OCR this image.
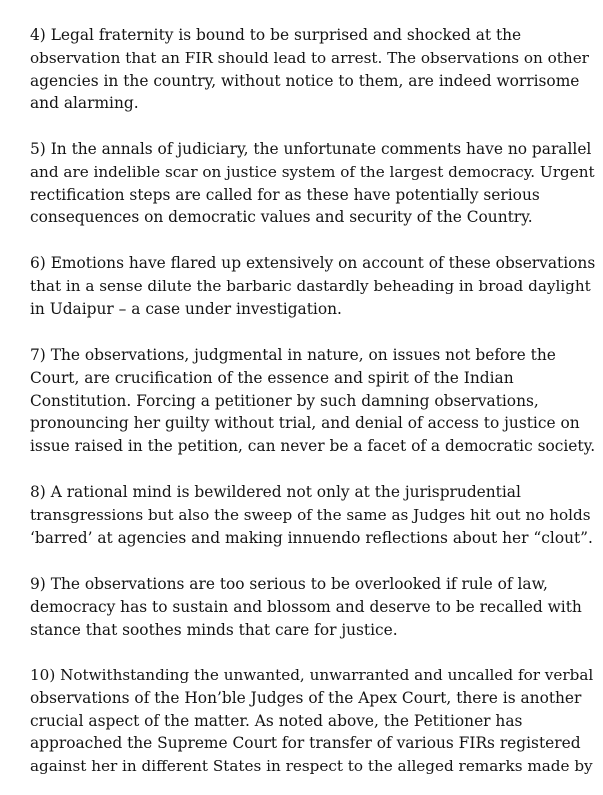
4) Legal fraternity is bound to be surprised and shocked at the
observation that an FIR should lead to arrest. The observations on other
agencies in the country, without notice to them, are indeed worrisome
and alarming.
5) In the annals of judiciary, the unfortunate comments have no parallel
and are indelible scar on justice system of the largest democracy. Urgent
rectification steps are called for as these have potentially serious
consequences on democratic values and security of the Country.
6) Emotions have flared up extensively on account of these observations
that in a sense dilute the barbaric dastardly beheading in broad daylight
in Udaipur – a case under investigation.
7) The observations, judgmental in nature, on issues not before the
Court, are crucification of the essence and spirit of the Indian
Constitution. Forcing a petitioner by such damning observations,
pronouncing her guilty without trial, and denial of access to justice on
issue raised in the petition, can never be a facet of a democratic society.
8) A rational mind is bewildered not only at the jurisprudential
transgressions but also the sweep of the same as Judges hit out no holds
‘barred’ at agencies and making innuendo reflections about her “clout”.
9) The observations are too serious to be overlooked if rule of law,
democracy has to sustain and blossom and deserve to be recalled with
stance that soothes minds that care for justice.
10) Notwithstanding the unwanted, unwarranted and uncalled for verbal
observations of the Hon’ble Judges of the Apex Court, there is another
crucial aspect of the matter. As noted above, the Petitioner has
approached the Supreme Court for transfer of various FIRs registered
against her in different States in respect to the alleged remarks made by
